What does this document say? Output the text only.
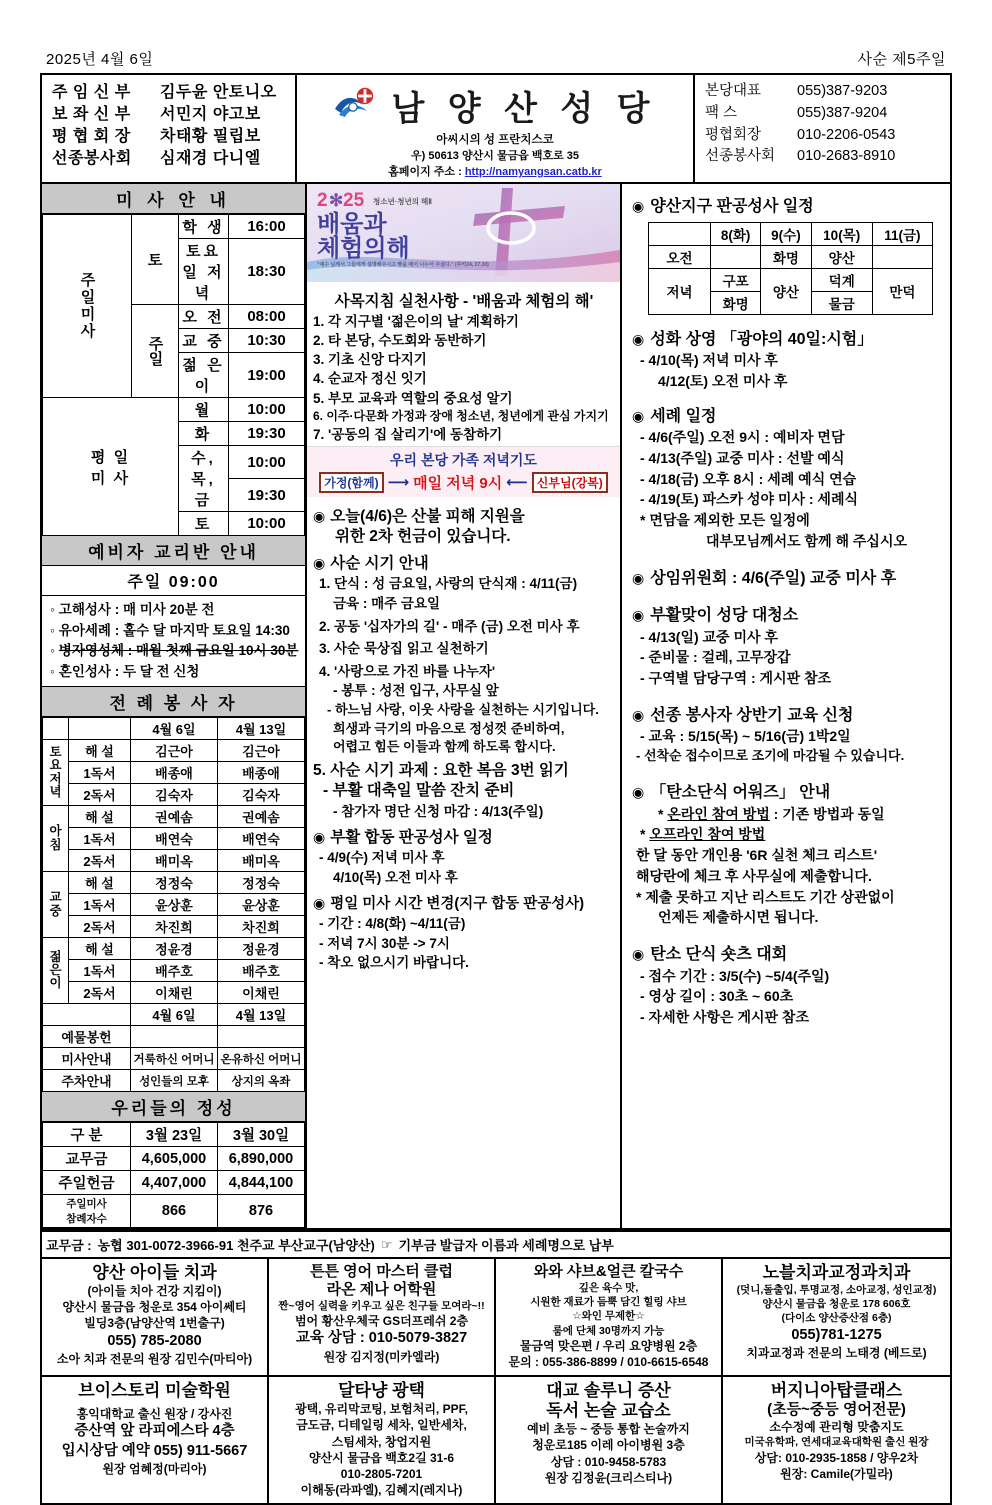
2025년 4월 6일	사순 제5주일
주 임 신 부	김두윤 안토니오
보 좌 신 부	서민지 야고보
평 협 회 장	차태황 필립보
선종봉사회	심재경 다니엘
남 양 산 성 당
아씨시의 성 프란치스코
우) 50613 양산시 물금읍 백호로 35
홈페이지 주소 : http://namyangsan.catb.kr
본당대표	055)387-9203
팩 스	055)387-9204
평협회장	010-2206-0543
선종봉사회	010-2683-8910
미 사 안 내
주일미사	토	학 생	16:00
		토요일 저녁	18:30
	주일	오 전	08:00
		교 중	10:30
		젊 은 이	19:00
평 일
미 사		월	10:00
		화	19:30
		수, 목, 금	10:00
			19:30
		토	10:00
예비자 교리반 안내
주일 09:00
◦ 고해성사 : 매 미사 20분 전
◦ 유아세례 : 홀수 달 마지막 토요일 14:30
◦ 병자영성체 : 매월 첫째 금요일 10시 30분
◦ 혼인성사 : 두 달 전 신청
전 례 봉 사 자
		4월 6일	4월 13일
토
요
저
녁	해 설	김근아	김근아
	1독서	배종애	배종애
	2독서	김숙자	김숙자
아
침	해 설	권예솜	권예솜
	1독서	배연숙	배연숙
	2독서	배미옥	배미옥
교
중	해 설	정정숙	정정숙
	1독서	윤상훈	윤상훈
	2독서	차진희	차진희
젊
은
이	해 설	정윤경	정윤경
	1독서	배주호	배주호
	2독서	이채린	이채린
		4월 6일	4월 13일
예물봉헌			
미사안내		거룩하신 어머니	온유하신 어머니
주차안내		성인들의 모후	상지의 옥좌
우리들의 정성
구 분	3월 23일	3월 30일
교무금	4,605,000	6,890,000
주일헌금	4,407,000	4,844,100
주일미사
참례자수	866	876
2 ✻ 25 청소년·청년의 해Ⅱ
배움과
체험의해
"예수 님께서 그들에게 설명해주시고 빵을 떼어 나누어 주셨다." (루카24, 27.30)
사목지침 실천사항 - '배움과 체험의 해'
1. 각 지구별 '젊은이의 날' 계획하기
2. 타 본당, 수도회와 동반하기
3. 기초 신앙 다지기
4. 순교자 정신 잇기
5. 부모 교육과 역할의 중요성 알기
6. 이주·다문화 가정과 장애 청소년, 청년에게 관심 가지기
7. '공동의 집 살리기'에 동참하기
우리 본당 가족 저녁기도
가정(함께) ⟶ 매일 저녁 9시 ⟵ 신부님(강복)
◉ 오늘(4/6)은 산불 피해 지원을
위한 2차 헌금이 있습니다.
◉ 사순 시기 안내
1. 단식 : 성 금요일, 사랑의 단식재 : 4/11(금)
금육 : 매주 금요일
2. 공동 '십자가의 길' - 매주 (금) 오전 미사 후
3. 사순 묵상집 읽고 실천하기
4. '사랑으로 가진 바를 나누자'
- 봉투 : 성전 입구, 사무실 앞
- 하느님 사랑, 이웃 사랑을 실천하는 시기입니다.
희생과 극기의 마음으로 정성껏 준비하여,
어렵고 힘든 이들과 함께 하도록 합시다.
5. 사순 시기 과제 : 요한 복음 3번 읽기
- 부활 대축일 말씀 잔치 준비
- 참가자 명단 신청 마감 : 4/13(주일)
◉ 부활 합동 판공성사 일정
- 4/9(수) 저녁 미사 후
4/10(목) 오전 미사 후
◉ 평일 미사 시간 변경(지구 합동 판공성사)
- 기간 : 4/8(화) ~4/11(금)
- 저녁 7시 30분 -> 7시
- 착오 없으시기 바랍니다.
◉ 양산지구 판공성사 일정
	8(화)	9(수)	10(목)	11(금)
오전		화명	양산	
저녁	구포	양산	덕계	만덕
	화명		물금	
◉ 성화 상영 「광야의 40일:시험」
- 4/10(목) 저녁 미사 후
4/12(토) 오전 미사 후
◉ 세례 일정
- 4/6(주일) 오전 9시 : 예비자 면담
- 4/13(주일) 교중 미사 : 선발 예식
- 4/18(금) 오후 8시 : 세례 예식 연습
- 4/19(토) 파스카 성야 미사 : 세례식
* 면담을 제외한 모든 일정에
대부모님께서도 함께 해 주십시오
◉ 상임위원회 : 4/6(주일) 교중 미사 후
◉ 부활맞이 성당 대청소
- 4/13(일) 교중 미사 후
- 준비물 : 걸레, 고무장갑
- 구역별 담당구역 : 게시판 참조
◉ 선종 봉사자 상반기 교육 신청
- 교육 : 5/15(목) ~ 5/16(금) 1박2일
- 선착순 접수이므로 조기에 마감될 수 있습니다.
◉ 「탄소단식 어워즈」 안내
* 온라인 참여 방법 : 기존 방법과 동일
* 오프라인 참여 방법
한 달 동안 개인용 '6R 실천 체크 리스트'
해당란에 체크 후 사무실에 제출합니다.
* 제출 못하고 지난 리스트도 기간 상관없이
언제든 제출하시면 됩니다.
◉ 탄소 단식 숏츠 대회
- 접수 기간 : 3/5(수) ~5/4(주일)
- 영상 길이 : 30초 ~ 60초
- 자세한 사항은 게시판 참조
교무금 : 농협 301-0072-3966-91 천주교 부산교구(남양산) ☞ 기부금 발급자 이름과 세례명으로 납부
양산 아이들 치과
(아이들 치아 건강 지킴이)
양산시 물금읍 청운로 354 아이쎄티
빌딩3층(남양산역 1번출구)
055) 785-2080
소아 치과 전문의 원장 김민수(마티아)
튼튼 영어 마스터 클럽
라온 제나 어학원
짠~영어 실력을 키우고 싶은 친구들 모여라~!!
범어 황산우체국 GS더프레쉬 2층
교육 상담 : 010-5079-3827
원장 김지정(미카엘라)
와와 샤브&얼큰 칼국수
깊은 육수 맛,
시원한 재료가 듬뿍 담긴 힐링 샤브
☆와인 무제한☆
룸에 단체 30명까지 가능
물금역 맞은편 / 우리 요양병원 2층
문의 : 055-386-8899 / 010-6615-6548
노블치과교정과치과
(덧니,돌출입, 투명교정, 소아교정, 성인교정)
양산시 물금읍 청운로 178 606호
(다이소 양산증산점 6층)
055)781-1275
치과교정과 전문의 노태경 (베드로)
브이스토리 미술학원
홍익대학교 출신 원장 / 강사진
증산역 앞 라피에스타 4층
입시상담 예약 055) 911-5667
원장 엄혜정(마리아)
달타냥 광택
광택, 유리막코팅, 보험처리, PPF,
금도금, 디테일링 세차, 일반세차,
스팀세차, 창업지원
양산시 물금읍 백호2길 31-6
010-2805-7201
이해동(라파엘), 김혜지(레지나)
대교 솔루니 증산
독서 논술 교습소
예비 초등 ~ 중등 통합 논술까지
청운로185 이레 아이병원 3층
상담 : 010-9458-5783
원장 김정윤(크리스티나)
버지니아탑클래스
(초등~중등 영어전문)
소수정예 관리형 맞춤지도
미국유학파, 연세대교육대학원 출신 원장
상담: 010-2935-1858 / 양우2차
원장: Camile(가밀라)
